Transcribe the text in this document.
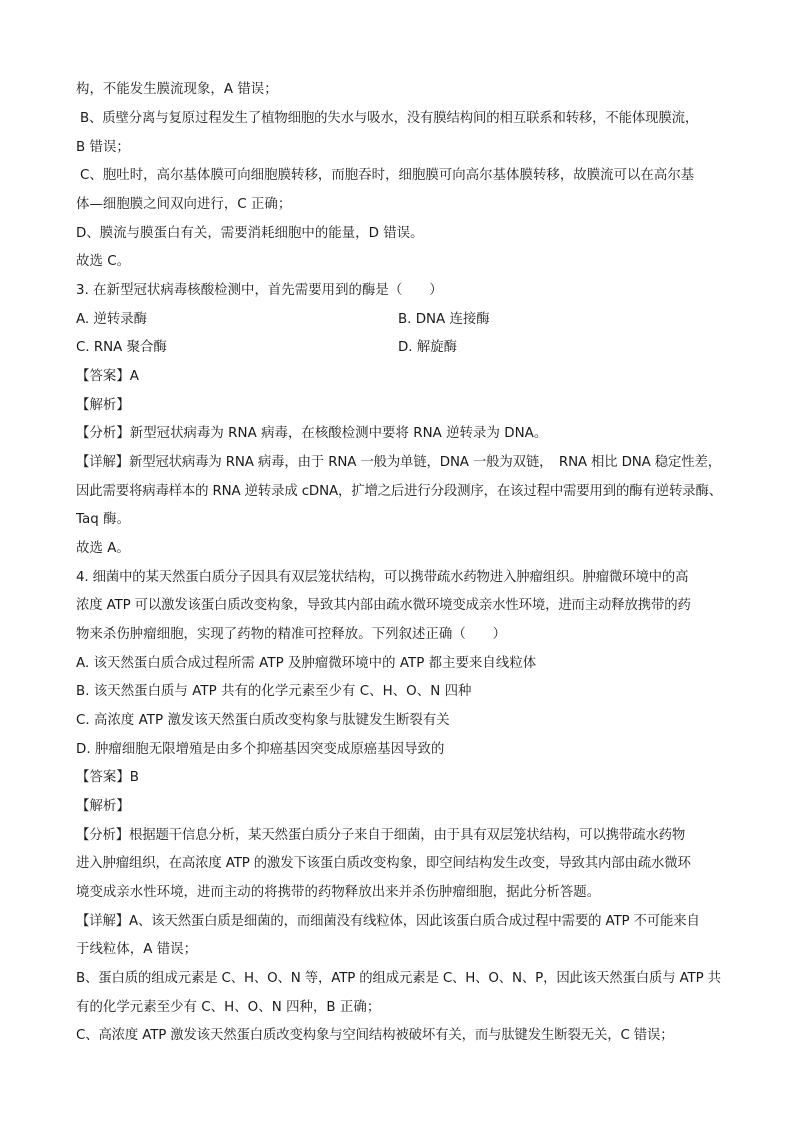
构，不能发生膜流现象，A 错误；
B、质壁分离与复原过程发生了植物细胞的失水与吸水，没有膜结构间的相互联系和转移，不能体现膜流，
B 错误；
C、胞吐时，高尔基体膜可向细胞膜转移，而胞吞时，细胞膜可向高尔基体膜转移，故膜流可以在高尔基
体—细胞膜之间双向进行，C 正确；
D、膜流与膜蛋白有关，需要消耗细胞中的能量，D 错误。
故选 C。
3. 在新型冠状病毒核酸检测中，首先需要用到的酶是（　　）
A. 逆转录酶	B. DNA 连接酶
C. RNA 聚合酶	D. 解旋酶
【答案】A
【解析】
【分析】新型冠状病毒为 RNA 病毒，在核酸检测中要将 RNA 逆转录为 DNA。
【详解】新型冠状病毒为 RNA 病毒，由于 RNA 一般为单链，DNA 一般为双链，　RNA 相比 DNA 稳定性差，
因此需要将病毒样本的 RNA 逆转录成 cDNA，扩增之后进行分段测序，在该过程中需要用到的酶有逆转录酶、
Taq 酶。
故选 A。
4. 细菌中的某天然蛋白质分子因具有双层笼状结构，可以携带疏水药物进入肿瘤组织。肿瘤微环境中的高
浓度 ATP 可以激发该蛋白质改变构象，导致其内部由疏水微环境变成亲水性环境，进而主动释放携带的药
物来杀伤肿瘤细胞，实现了药物的精准可控释放。下列叙述正确（　　）
A. 该天然蛋白质合成过程所需 ATP 及肿瘤微环境中的 ATP 都主要来自线粒体
B. 该天然蛋白质与 ATP 共有的化学元素至少有 C、H、O、N 四种
C. 高浓度 ATP 激发该天然蛋白质改变构象与肽键发生断裂有关
D. 肿瘤细胞无限增殖是由多个抑癌基因突变成原癌基因导致的
【答案】B
【解析】
【分析】根据题干信息分析，某天然蛋白质分子来自于细菌，由于具有双层笼状结构，可以携带疏水药物
进入肿瘤组织，在高浓度 ATP 的激发下该蛋白质改变构象，即空间结构发生改变，导致其内部由疏水微环
境变成亲水性环境，进而主动的将携带的药物释放出来并杀伤肿瘤细胞，据此分析答题。
【详解】A、该天然蛋白质是细菌的，而细菌没有线粒体，因此该蛋白质合成过程中需要的 ATP 不可能来自
于线粒体，A 错误；
B、蛋白质的组成元素是 C、H、O、N 等，ATP 的组成元素是 C、H、O、N、P，因此该天然蛋白质与 ATP 共
有的化学元素至少有 C、H、O、N 四种，B 正确；
C、高浓度 ATP 激发该天然蛋白质改变构象与空间结构被破坏有关，而与肽键发生断裂无关，C 错误；
